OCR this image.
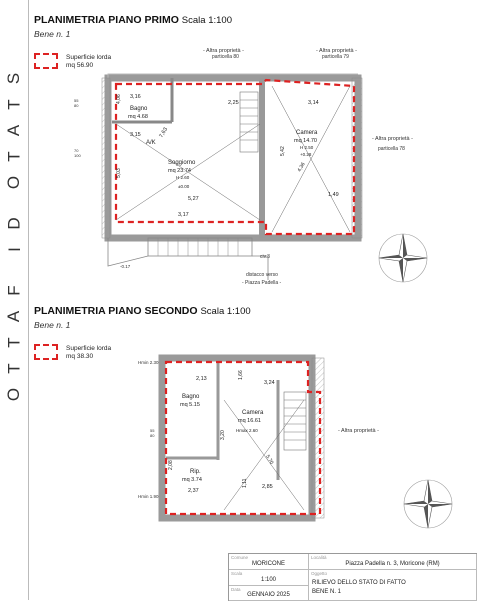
S
T
A
T
O

D
I

F
A
T
T
O
PLANIMETRIA PIANO PRIMO Scala 1:100
Bene n. 1
Superficie lorda
mq 56.90
- Altra proprietà -	- Altra proprietà -
3,16
2,25	3,14
Bagno
mq 4.68
3,15
A/K
Soggiorno
mq 23.74
H 2.60
±0.00
5,27
3,17
Camera
mq 14.70
H 2.50
+0.28
1,49
7,63
4,06
5,03
5,42
4,36
particella 80	particella 79
- Altra proprietà -
particella 78
55
80
70
100
-0.17
civ.3
distacco verso
- Piazza Padella -
PLANIMETRIA PIANO SECONDO Scala 1:100
Bene n. 1
Superficie lorda
mq 38.30
Hmin 2.30
Hmin 1.90
2,13	1,66
3,24
Bagno
mq 5.15
Camera
mq 16.61
Hmax 2.60
3,20
5,70
2,08
Rip.
mq 3.74	1,11
2,37
2,85
- Altra proprietà -
55
80
Comune
MORICONE
Località
Piazza Padella n. 3, Moricone (RM)
Scala
1:100
Oggetto
RILIEVO DELLO STATO DI FATTO
BENE N. 1
Data
GENNAIO 2025
